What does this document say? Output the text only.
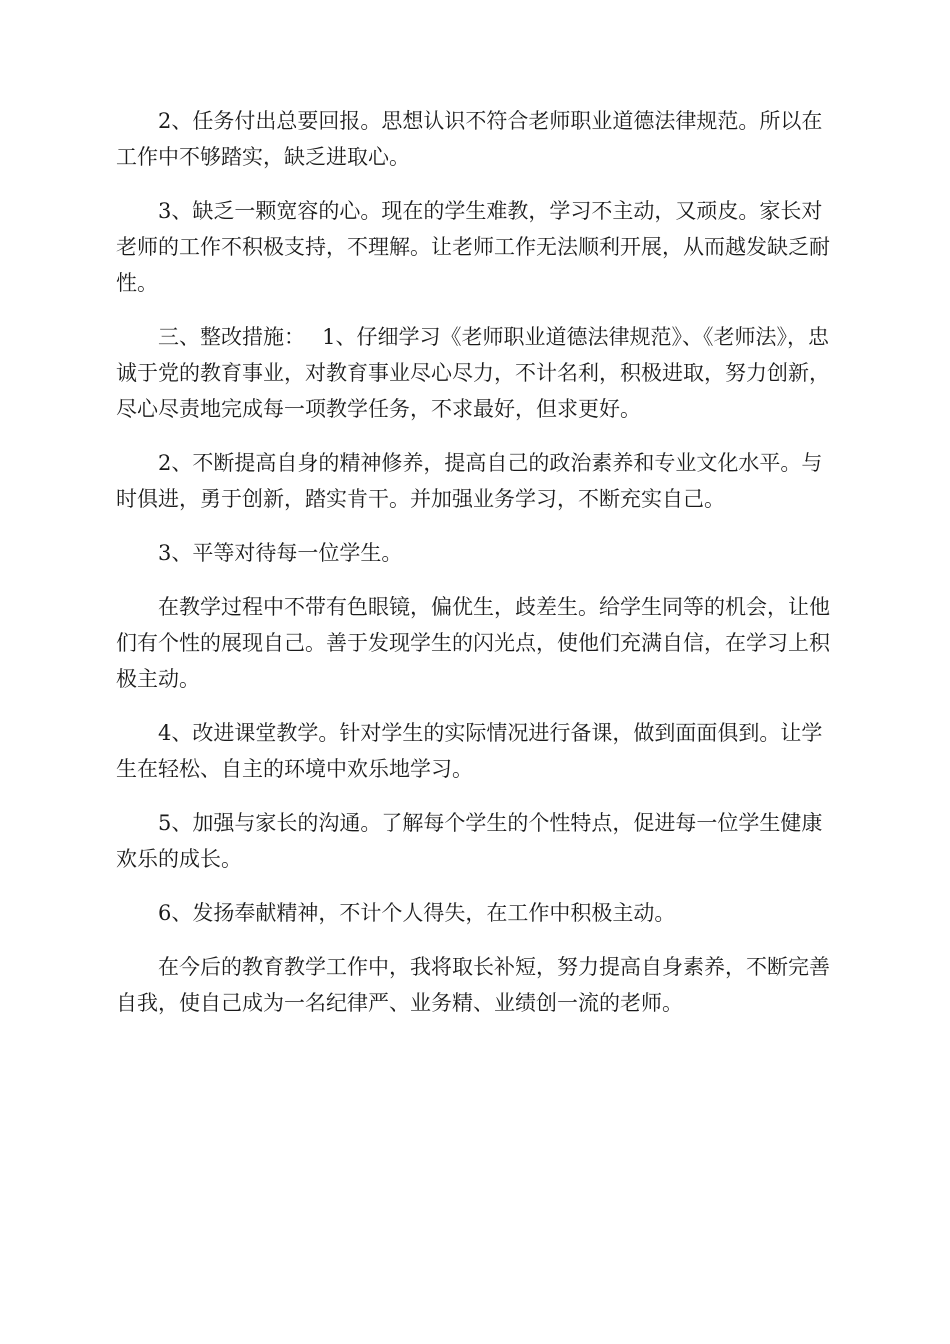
2、任务付出总要回报。思想认识不符合老师职业道德法律规范。所以在工作中不够踏实，缺乏进取心。

3、缺乏一颗宽容的心。现在的学生难教，学习不主动，又顽皮。家长对老师的工作不积极支持，不理解。让老师工作无法顺利开展，从而越发缺乏耐性。

三、整改措施：　 1、仔细学习《老师职业道德法律规范》、《老师法》，忠诚于党的教育事业，对教育事业尽心尽力，不计名利，积极进取，努力创新，尽心尽责地完成每一项教学任务，不求最好，但求更好。

2、不断提高自身的精神修养，提高自己的政治素养和专业文化水平。与时俱进，勇于创新，踏实肯干。并加强业务学习，不断充实自己。

3、平等对待每一位学生。

在教学过程中不带有色眼镜，偏优生，歧差生。给学生同等的机会，让他们有个性的展现自己。善于发现学生的闪光点，使他们充满自信，在学习上积极主动。

4、改进课堂教学。针对学生的实际情况进行备课，做到面面俱到。让学生在轻松、自主的环境中欢乐地学习。

5、加强与家长的沟通。了解每个学生的个性特点，促进每一位学生健康欢乐的成长。

6、发扬奉献精神，不计个人得失，在工作中积极主动。

在今后的教育教学工作中，我将取长补短，努力提高自身素养，不断完善自我，使自己成为一名纪律严、业务精、业绩创一流的老师。
